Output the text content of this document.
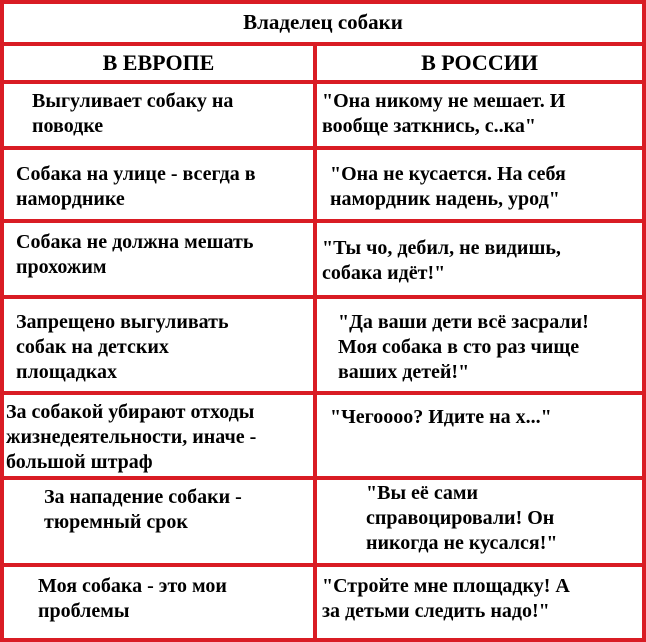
Владелец собаки
В ЕВРОПЕ	В РОССИИ
Выгуливает собаку на
поводке
"Она никому не мешает. И
вообще заткнись, с..ка"
Собака на улице - всегда в
наморднике
"Она не кусается. На себя
намордник надень, урод"
Собака не должна мешать
прохожим
"Ты чо, дебил, не видишь,
собака идёт!"
Запрещено выгуливать
собак на детских
площадках
"Да ваши дети всё засрали!
Моя собака в сто раз чище
ваших детей!"
За собакой убирают отходы
жизнедеятельности, иначе -
большой штраф
"Чегоооо? Идите на х..."
За нападение собаки -
тюремный срок
"Вы её сами
справоцировали! Он
никогда не кусался!"
Моя собака - это мои
проблемы
"Стройте мне площадку! А
за детьми следить надо!"
